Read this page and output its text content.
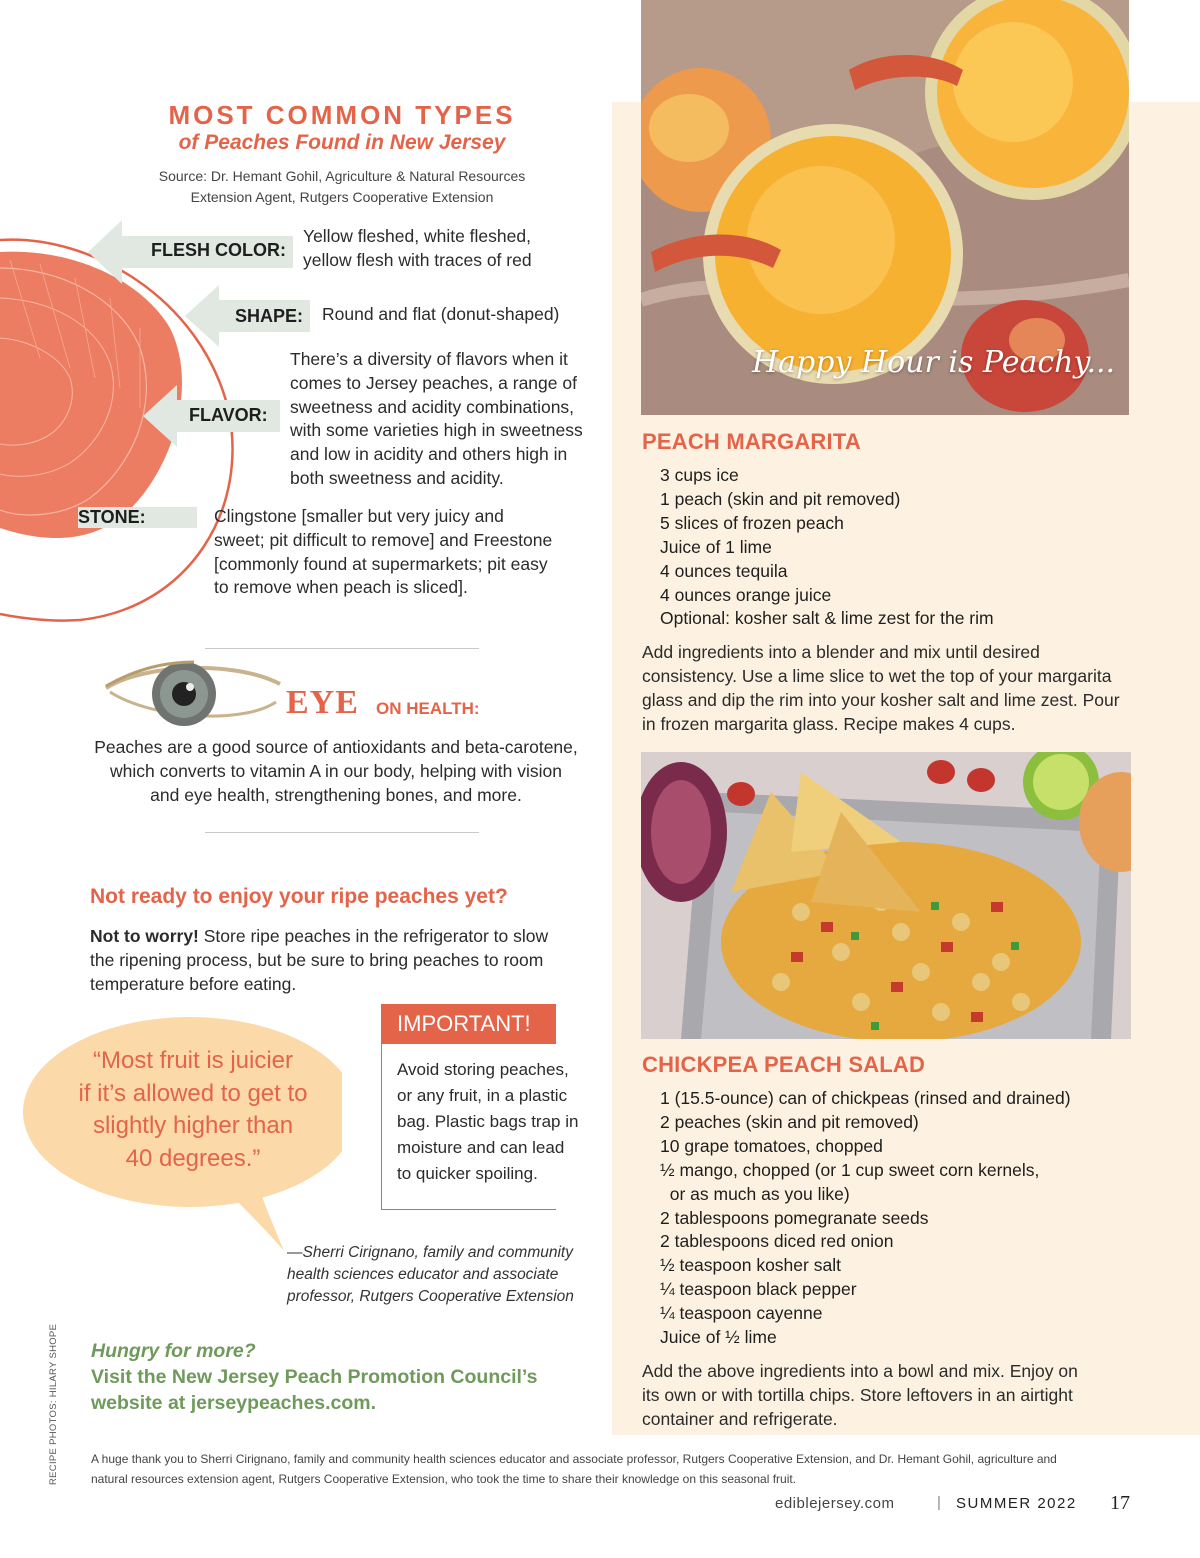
MOST COMMON TYPES
of Peaches Found in New Jersey
Source: Dr. Hemant Gohil, Agriculture & Natural Resources
Extension Agent, Rutgers Cooperative Extension
FLESH COLOR:
Yellow fleshed, white fleshed,
yellow flesh with traces of red
SHAPE: Round and flat (donut-shaped)
FLAVOR:
There’s a diversity of flavors when it
comes to Jersey peaches, a range of
sweetness and acidity combinations,
with some varieties high in sweetness
and low in acidity and others high in
both sweetness and acidity.
STONE:	Clingstone [smaller but very juicy and
sweet; pit difficult to remove] and Freestone
[commonly found at supermarkets; pit easy
to remove when peach is sliced].
EYE ON HEALTH:
Peaches are a good source of antioxidants and beta-carotene,
which converts to vitamin A in our body, helping with vision
and eye health, strengthening bones, and more.
Not ready to enjoy your ripe peaches yet?
Not to worry! Store ripe peaches in the refrigerator to slow
the ripening process, but be sure to bring peaches to room
temperature before eating.
IMPORTANT!
Avoid storing peaches,
or any fruit, in a plastic
bag. Plastic bags trap in
moisture and can lead
to quicker spoiling.
“Most fruit is juicier
if it’s allowed to get to
slightly higher than
40 degrees.”
—Sherri Cirignano, family and community
health sciences educator and associate
professor, Rutgers Cooperative Extension
Hungry for more?
Visit the New Jersey Peach Promotion Council’s
website at jerseypeaches.com.
RECIPE PHOTOS: HILARY SHOPE
Happy Hour is Peachy...
PEACH MARGARITA
3 cups ice
1 peach (skin and pit removed)
5 slices of frozen peach
Juice of 1 lime
4 ounces tequila
4 ounces orange juice
Optional: kosher salt & lime zest for the rim
Add ingredients into a blender and mix until desired
consistency. Use a lime slice to wet the top of your margarita
glass and dip the rim into your kosher salt and lime zest. Pour
in frozen margarita glass. Recipe makes 4 cups.
CHICKPEA PEACH SALAD
1 (15.5-ounce) can of chickpeas (rinsed and drained)
2 peaches (skin and pit removed)
10 grape tomatoes, chopped
½ mango, chopped (or 1 cup sweet corn kernels,
or as much as you like)
2 tablespoons pomegranate seeds
2 tablespoons diced red onion
½ teaspoon kosher salt
¼ teaspoon black pepper
¼ teaspoon cayenne
Juice of ½ lime
Add the above ingredients into a bowl and mix. Enjoy on
its own or with tortilla chips. Store leftovers in an airtight
container and refrigerate.
A huge thank you to Sherri Cirignano, family and community health sciences educator and associate professor, Rutgers Cooperative Extension, and Dr. Hemant Gohil, agriculture and
natural resources extension agent, Rutgers Cooperative Extension, who took the time to share their knowledge on this seasonal fruit.
ediblejersey.com	| SUMMER 2022 17
